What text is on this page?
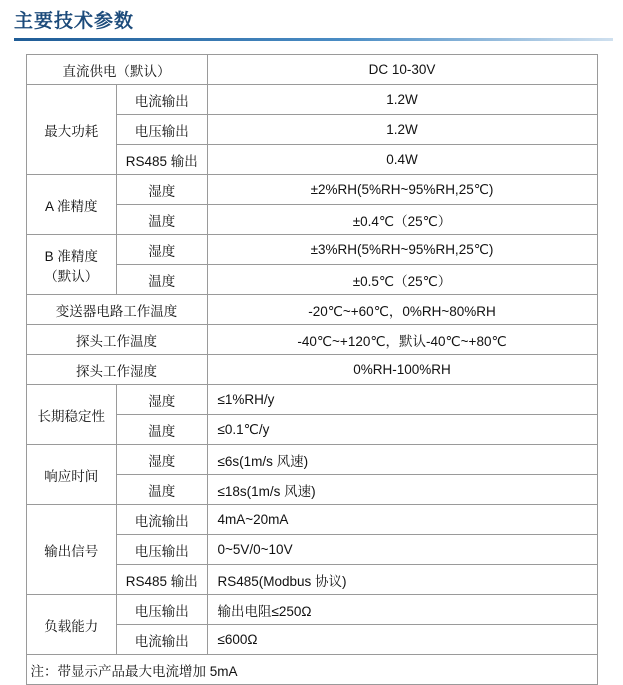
主要技术参数
直流供电（默认）		DC 10-30V
最大功耗	电流输出	1.2W
	电压输出	1.2W
	RS485 输出	0.4W
A 准精度	湿度	±2%RH(5%RH~95%RH,25℃)
	温度	±0.4℃（25℃）
B 准精度
（默认）	湿度	±3%RH(5%RH~95%RH,25℃)
	温度	±0.5℃（25℃）
变送器电路工作温度		-20℃~+60℃，0%RH~80%RH
探头工作温度		-40℃~+120℃，默认-40℃~+80℃
探头工作湿度		0%RH-100%RH
长期稳定性	湿度	≤1%RH/y
	温度	≤0.1℃/y
响应时间	湿度	≤6s(1m/s 风速)
	温度	≤18s(1m/s 风速)
输出信号	电流输出	4mA~20mA
	电压输出	0~5V/0~10V
	RS485 输出	RS485(Modbus 协议)
负载能力	电压输出	输出电阻≤250Ω
	电流输出	≤600Ω
注：带显示产品最大电流增加 5mA		
